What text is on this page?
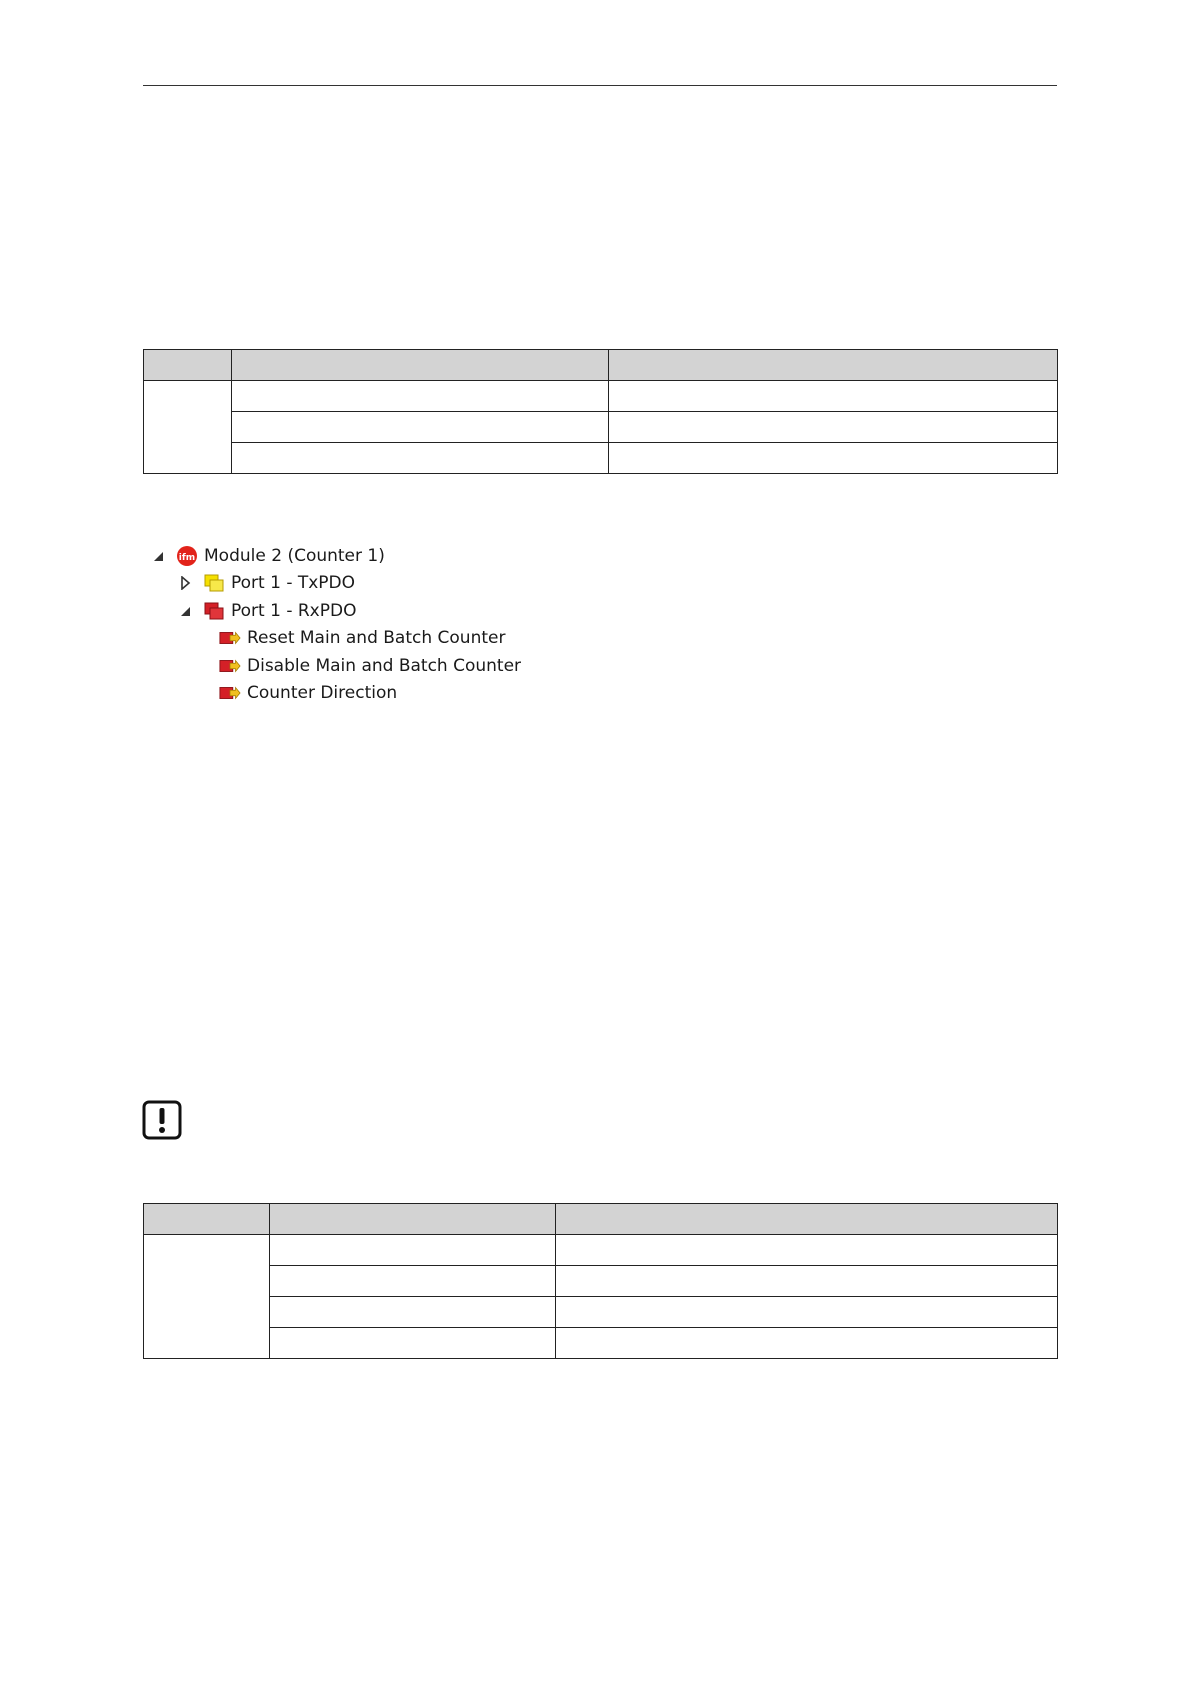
ifm Module 2 (Counter 1)
Port 1 - TxPDO
Port 1 - RxPDO
Reset Main and Batch Counter
Disable Main and Batch Counter
Counter Direction
